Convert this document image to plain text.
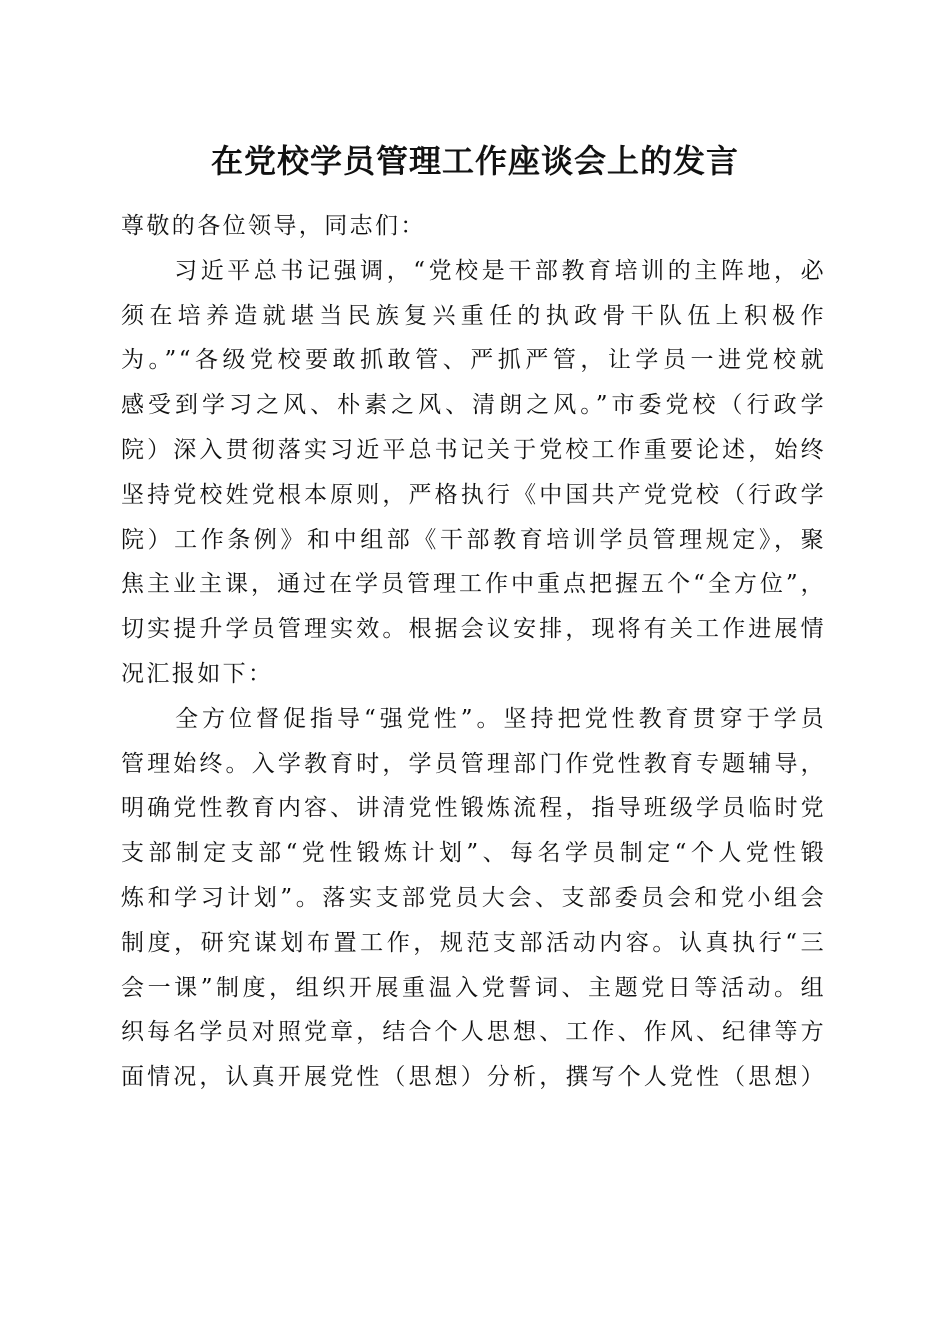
在党校学员管理工作座谈会上的发言
尊敬的各位领导，同志们：
　　习近平总书记强调，“党校是干部教育培训的主阵地，必
须在培养造就堪当民族复兴重任的执政骨干队伍上积极作
为。”“各级党校要敢抓敢管、严抓严管，让学员一进党校就
感受到学习之风、朴素之风、清朗之风。”市委党校（行政学
院）深入贯彻落实习近平总书记关于党校工作重要论述，始终
坚持党校姓党根本原则，严格执行《中国共产党党校（行政学
院）工作条例》和中组部《干部教育培训学员管理规定》，聚
焦主业主课，通过在学员管理工作中重点把握五个“全方位”，
切实提升学员管理实效。根据会议安排，现将有关工作进展情
况汇报如下：
　　全方位督促指导“强党性”。坚持把党性教育贯穿于学员
管理始终。入学教育时，学员管理部门作党性教育专题辅导，
明确党性教育内容、讲清党性锻炼流程，指导班级学员临时党
支部制定支部“党性锻炼计划”、每名学员制定“个人党性锻
炼和学习计划”。落实支部党员大会、支部委员会和党小组会
制度，研究谋划布置工作，规范支部活动内容。认真执行“三
会一课”制度，组织开展重温入党誓词、主题党日等活动。组
织每名学员对照党章，结合个人思想、工作、作风、纪律等方
面情况，认真开展党性（思想）分析，撰写个人党性（思想）
